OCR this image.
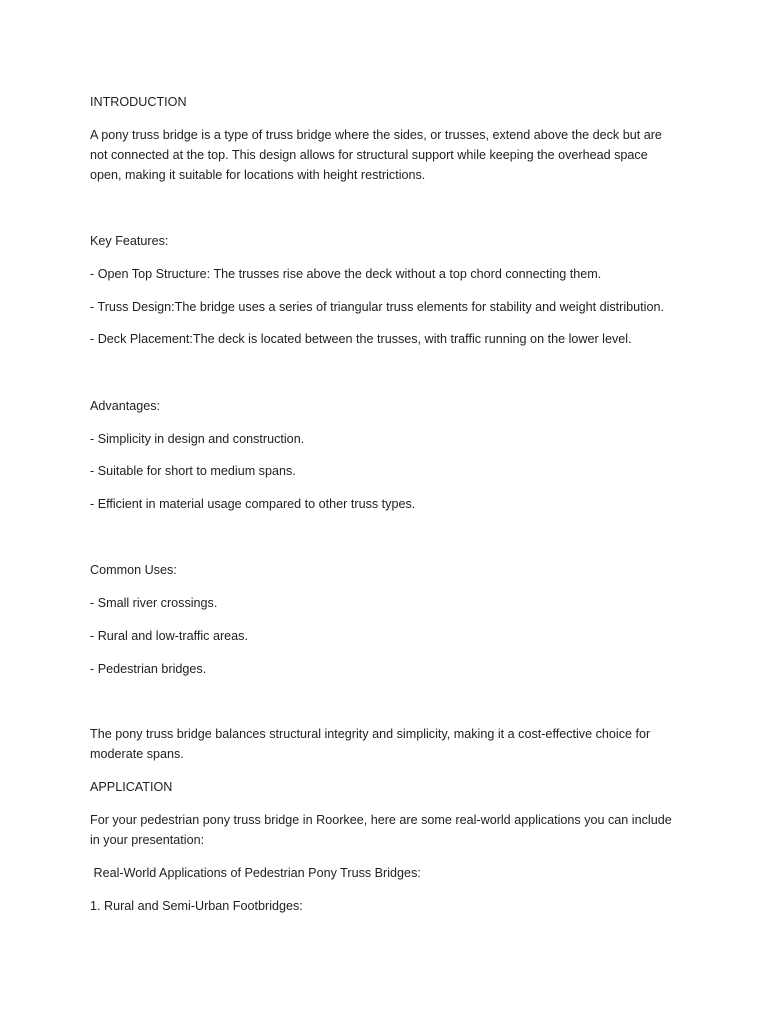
INTRODUCTION

A pony truss bridge is a type of truss bridge where the sides, or trusses, extend above the deck but are not connected at the top. This design allows for structural support while keeping the overhead space open, making it suitable for locations with height restrictions.

Key Features:

- Open Top Structure: The trusses rise above the deck without a top chord connecting them.

- Truss Design:The bridge uses a series of triangular truss elements for stability and weight distribution.

- Deck Placement:The deck is located between the trusses, with traffic running on the lower level.

Advantages:

- Simplicity in design and construction.

- Suitable for short to medium spans.

- Efficient in material usage compared to other truss types.

Common Uses:

- Small river crossings.

- Rural and low-traffic areas.

- Pedestrian bridges.

The pony truss bridge balances structural integrity and simplicity, making it a cost-effective choice for moderate spans.

APPLICATION

For your pedestrian pony truss bridge in Roorkee, here are some real-world applications you can include in your presentation:

Real-World Applications of Pedestrian Pony Truss Bridges:

1. Rural and Semi-Urban Footbridges:
